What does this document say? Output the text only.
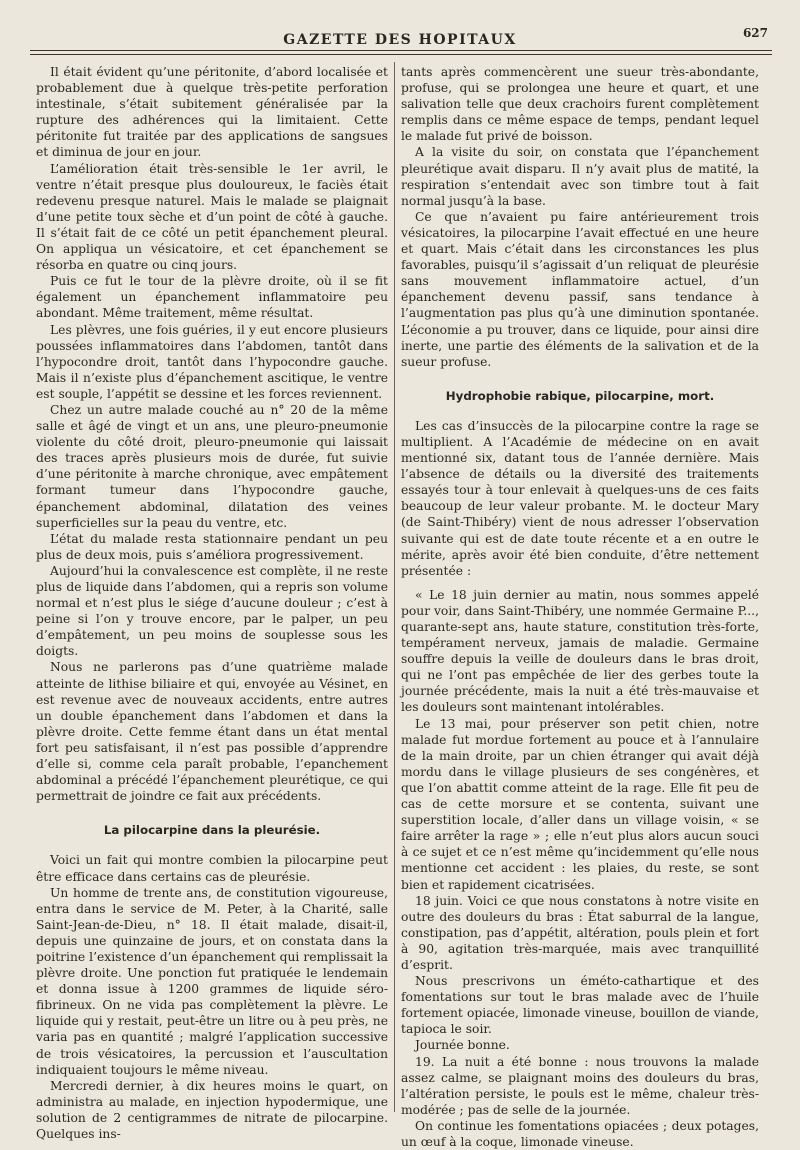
GAZETTE DES HOPITAUX	627

Il était évident qu’une péritonite, d’abord localisée et probablement due à quelque très-petite perforation intestinale, s’était subitement généralisée par la rupture des adhérences qui la limitaient. Cette péritonite fut traitée par des applications de sangsues et diminua de jour en jour.

L’amélioration était très-sensible le 1er avril, le ventre n’était presque plus douloureux, le faciès était redevenu presque naturel. Mais le malade se plaignait d’une petite toux sèche et d’un point de côté à gauche. Il s’était fait de ce côté un petit épanchement pleural. On appliqua un vésicatoire, et cet épanchement se résorba en quatre ou cinq jours.

Puis ce fut le tour de la plèvre droite, où il se fit également un épanchement inflammatoire peu abondant. Même traitement, même résultat.

Les plèvres, une fois guéries, il y eut encore plusieurs poussées inflammatoires dans l’abdomen, tantôt dans l’hypocondre droit, tantôt dans l’hypocondre gauche. Mais il n’existe plus d’épanchement ascitique, le ventre est souple, l’appétit se dessine et les forces reviennent.

Chez un autre malade couché au n° 20 de la même salle et âgé de vingt et un ans, une pleuro-pneumonie violente du côté droit, pleuro-pneumonie qui laissait des traces après plusieurs mois de durée, fut suivie d’une péritonite à marche chronique, avec empâtement formant tumeur dans l’hypocondre gauche, épanchement abdominal, dilatation des veines superficielles sur la peau du ventre, etc.

L’état du malade resta stationnaire pendant un peu plus de deux mois, puis s’améliora progressivement.

Aujourd’hui la convalescence est complète, il ne reste plus de liquide dans l’abdomen, qui a repris son volume normal et n’est plus le siége d’aucune douleur ; c’est à peine si l’on y trouve encore, par le palper, un peu d’empâtement, un peu moins de souplesse sous les doigts.

Nous ne parlerons pas d’une quatrième malade atteinte de lithise biliaire et qui, envoyée au Vésinet, en est revenue avec de nouveaux accidents, entre autres un double épanchement dans l’abdomen et dans la plèvre droite. Cette femme étant dans un état mental fort peu satisfaisant, il n’est pas possible d’apprendre d’elle si, comme cela paraît probable, l’epanchement abdominal a précédé l’épanchement pleurétique, ce qui permettrait de joindre ce fait aux précédents.

La pilocarpine dans la pleurésie.

Voici un fait qui montre combien la pilocarpine peut être efficace dans certains cas de pleurésie.

Un homme de trente ans, de constitution vigoureuse, entra dans le service de M. Peter, à la Charité, salle Saint-Jean-de-Dieu, n° 18. Il était malade, disait-il, depuis une quinzaine de jours, et on constata dans la poitrine l’existence d’un épanchement qui remplissait la plèvre droite. Une ponction fut pratiquée le lendemain et donna issue à 1200 grammes de liquide séro-fibrineux. On ne vida pas complètement la plèvre. Le liquide qui y restait, peut-être un litre ou à peu près, ne varia pas en quantité ; malgré l’application successive de trois vésicatoires, la percussion et l’auscultation indiquaient toujours le même niveau.

Mercredi dernier, à dix heures moins le quart, on administra au malade, en injection hypodermique, une solution de 2 centigrammes de nitrate de pilocarpine. Quelques ins-

tants après commencèrent une sueur très-abondante, profuse, qui se prolongea une heure et quart, et une salivation telle que deux crachoirs furent complètement remplis dans ce même espace de temps, pendant lequel le malade fut privé de boisson.

A la visite du soir, on constata que l’épanchement pleurétique avait disparu. Il n’y avait plus de matité, la respiration s’entendait avec son timbre tout à fait normal jusqu’à la base.

Ce que n’avaient pu faire antérieurement trois vésicatoires, la pilocarpine l’avait effectué en une heure et quart. Mais c’était dans les circonstances les plus favorables, puisqu’il s’agissait d’un reliquat de pleurésie sans mouvement inflammatoire actuel, d’un épanchement devenu passif, sans tendance à l’augmentation pas plus qu’à une diminution spontanée. L’économie a pu trouver, dans ce liquide, pour ainsi dire inerte, une partie des éléments de la salivation et de la sueur profuse.

Hydrophobie rabique, pilocarpine, mort.

Les cas d’insuccès de la pilocarpine contre la rage se multiplient. A l’Académie de médecine on en avait mentionné six, datant tous de l’année dernière. Mais l’absence de détails ou la diversité des traitements essayés tour à tour enlevait à quelques-uns de ces faits beaucoup de leur valeur probante. M. le docteur Mary (de Saint-Thibéry) vient de nous adresser l’observation suivante qui est de date toute récente et a en outre le mérite, après avoir été bien conduite, d’être nettement présentée :

« Le 18 juin dernier au matin, nous sommes appelé pour voir, dans Saint-Thibéry, une nommée Germaine P..., quarante-sept ans, haute stature, constitution très-forte, tempérament nerveux, jamais de maladie. Germaine souffre depuis la veille de douleurs dans le bras droit, qui ne l’ont pas empêchée de lier des gerbes toute la journée précédente, mais la nuit a été très-mauvaise et les douleurs sont maintenant intolérables.

Le 13 mai, pour préserver son petit chien, notre malade fut mordue fortement au pouce et à l’annulaire de la main droite, par un chien étranger qui avait déjà mordu dans le village plusieurs de ses congénères, et que l’on abattit comme atteint de la rage. Elle fit peu de cas de cette morsure et se contenta, suivant une superstition locale, d’aller dans un village voisin, « se faire arrêter la rage » ; elle n’eut plus alors aucun souci à ce sujet et ce n’est même qu’incidemment qu’elle nous mentionne cet accident : les plaies, du reste, se sont bien et rapidement cicatrisées.

18 juin. Voici ce que nous constatons à notre visite en outre des douleurs du bras : État saburral de la langue, constipation, pas d’appétit, altération, pouls plein et fort à 90, agitation très-marquée, mais avec tranquillité d’esprit.

Nous prescrivons un éméto-cathartique et des fomentations sur tout le bras malade avec de l’huile fortement opiacée, limonade vineuse, bouillon de viande, tapioca le soir.

Journée bonne.

19. La nuit a été bonne : nous trouvons la malade assez calme, se plaignant moins des douleurs du bras, l’altération persiste, le pouls est le même, chaleur très-modérée ; pas de selle de la journée.

On continue les fomentations opiacées ; deux potages, un œuf à la coque, limonade vineuse.
